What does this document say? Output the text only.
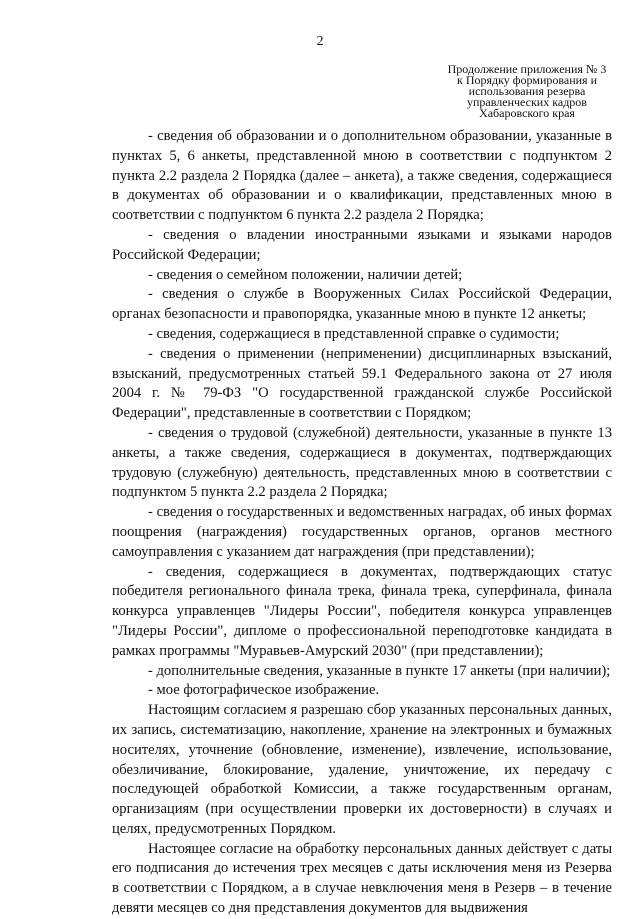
2
Продолжение приложения № 3
к Порядку формирования и
использования резерва
управленческих кадров
Хабаровского края

- сведения об образовании и о дополнительном образовании, указанные в пунктах 5, 6 анкеты, представленной мною в соответствии с подпунктом 2 пункта 2.2 раздела 2 Порядка (далее – анкета), а также сведения, содержащиеся в документах об образовании и о квалификации, представленных мною в соответствии с подпунктом 6 пункта 2.2 раздела 2 Порядка;

- сведения о владении иностранными языками и языками народов Российской Федерации;

- сведения о семейном положении, наличии детей;

- сведения о службе в Вооруженных Силах Российской Федерации, органах безопасности и правопорядка, указанные мною в пункте 12 анкеты;

- сведения, содержащиеся в представленной справке о судимости;

- сведения о применении (неприменении) дисциплинарных взысканий, взысканий, предусмотренных статьей 59.1 Федерального закона от 27 июля 2004 г. № 79-ФЗ "О государственной гражданской службе Российской Федерации", представленные в соответствии с Порядком;

- сведения о трудовой (служебной) деятельности, указанные в пункте 13 анкеты, а также сведения, содержащиеся в документах, подтверждающих трудовую (служебную) деятельность, представленных мною в соответствии с подпунктом 5 пункта 2.2 раздела 2 Порядка;

- сведения о государственных и ведомственных наградах, об иных формах поощрения (награждения) государственных органов, органов местного самоуправления с указанием дат награждения (при представлении);

- сведения, содержащиеся в документах, подтверждающих статус победителя регионального финала трека, финала трека, суперфинала, финала конкурса управленцев "Лидеры России", победителя конкурса управленцев "Лидеры России", дипломе о профессиональной переподготовке кандидата в рамках программы "Муравьев-Амурский 2030" (при представлении);

- дополнительные сведения, указанные в пункте 17 анкеты (при наличии);

- мое фотографическое изображение.

Настоящим согласием я разрешаю сбор указанных персональных данных, их запись, систематизацию, накопление, хранение на электронных и бумажных носителях, уточнение (обновление, изменение), извлечение, использование, обезличивание, блокирование, удаление, уничтожение, их передачу с последующей обработкой Комиссии, а также государственным органам, организациям (при осуществлении проверки их достоверности) в случаях и целях, предусмотренных Порядком.

Настоящее согласие на обработку персональных данных действует с даты его подписания до истечения трех месяцев с даты исключения меня из Резерва в соответствии с Порядком, а в случае невключения меня в Резерв – в течение девяти месяцев со дня представления документов для выдвижения
